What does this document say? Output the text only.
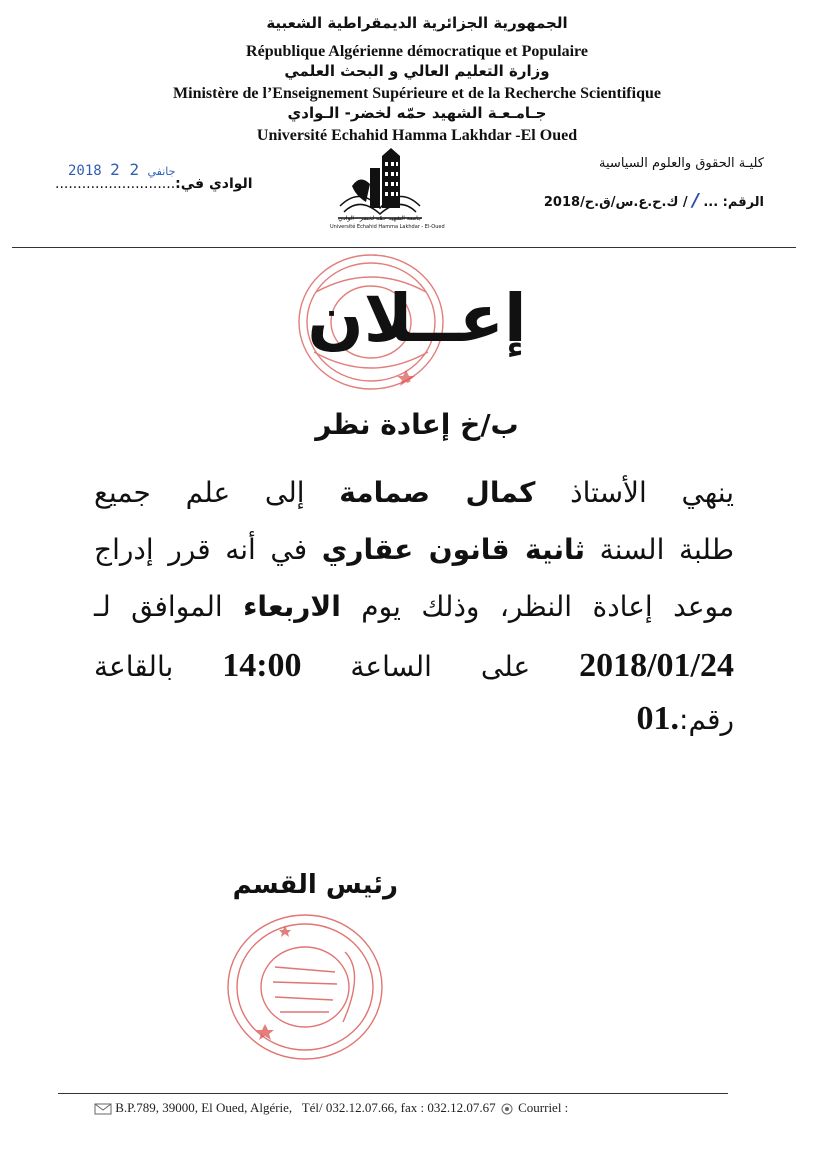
الجمهورية الجزائرية الديمقراطية الشعبية
République Algérienne démocratique et Populaire
وزارة التعليم العالي و البحث العلمي
Ministère de l’Enseignement Supérieure et de la Recherche Scientifique
جـامـعـة الشهيد حمّه لخضر- الـوادي
Université Echahid Hamma Lakhdar -El Oued
كليـة الحقوق والعلوم السياسية
الرقم: ... / / ك.ح.ع.س/ق.ح/2018
2018	جانفي 2 2
الوادي في:...........................
جامعة الشهيد حمّه لخضر - الوادي
Université Echahid Hamma Lakhdar - El-Oued
إعــلان
ب/خ إعادة نظر
ينهي الأستاذ كمال صمامة إلى علم جميع
طلبة السنة ثانية قانون عقاري في أنه قرر إدراج
موعد إعادة النظر، وذلك يوم الاربعاء الموافق لـ
2018/01/24 على الساعة 14:00 بالقاعة
رقم:.01
رئيس القسم
B.P.789, 39000, El Oued, Algérie, Tél/ 032.12.07.66, fax : 032.12.07.67 Courriel :
